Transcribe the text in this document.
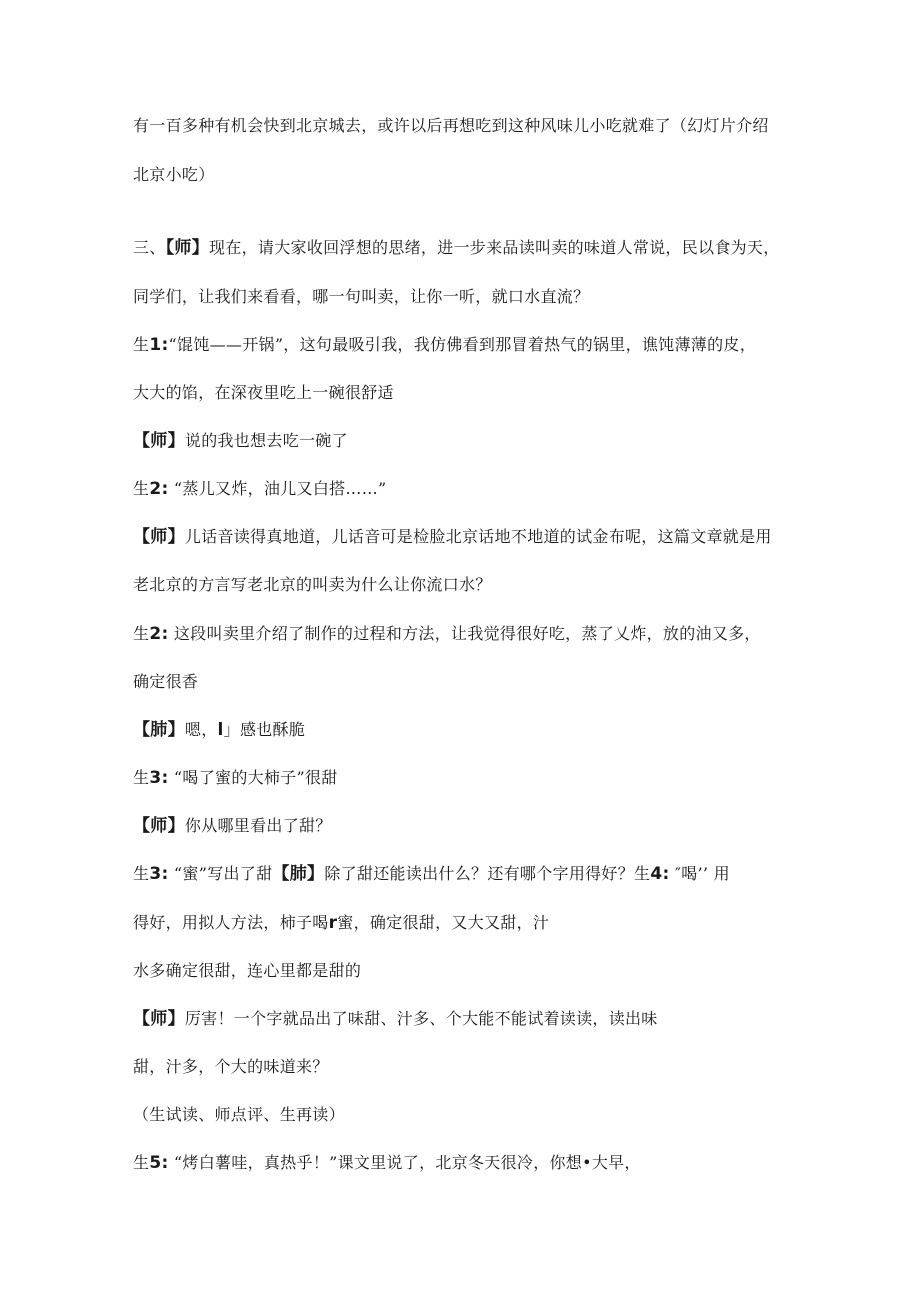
有一百多种有机会快到北京城去，或许以后再想吃到这种风味儿小吃就难了（幻灯片介绍
北京小吃）
三、【师】现在，请大家收回浮想的思绪，进一步来品读叫卖的味道人常说，民以食为天，
同学们，让我们来看看，哪一句叫卖，让你一听，就口水直流？
生1:“馄饨——开锅”，这句最吸引我，我仿佛看到那冒着热气的锅里，谯饨薄薄的皮，
大大的馅，在深夜里吃上一碗很舒适
【师】说的我也想去吃一碗了
生2: “蒸儿又炸，油儿又白搭……”
【师】儿话音读得真地道，儿话音可是检脸北京话地不地道的试金布呢，这篇文章就是用
老北京的方言写老北京的叫卖为什么让你流口水？
生2: 这段叫卖里介绍了制作的过程和方法，让我觉得很好吃，蒸了乂炸，放的油又多，
确定很香
【肺】嗯，l」感也酥脆
生3: “喝了蜜的大柿子”很甜
【师】你从哪里看出了甜？
生3: “蜜”写出了甜【肺】除了甜还能读出什么？还有哪个字用得好？生4: ″喝’’ 用
得好，用拟人方法，柿子喝r蜜，确定很甜，又大又甜，汁
水多确定很甜，连心里都是甜的
【师】厉害！一个字就品出了味甜、汁多、个大能不能试着读读，读出味
甜，汁多，个大的味道来？
（生试读、师点评、生再读）
生5: “烤白薯哇，真热乎！”课文里说了，北京冬天很冷，你想•大早，
